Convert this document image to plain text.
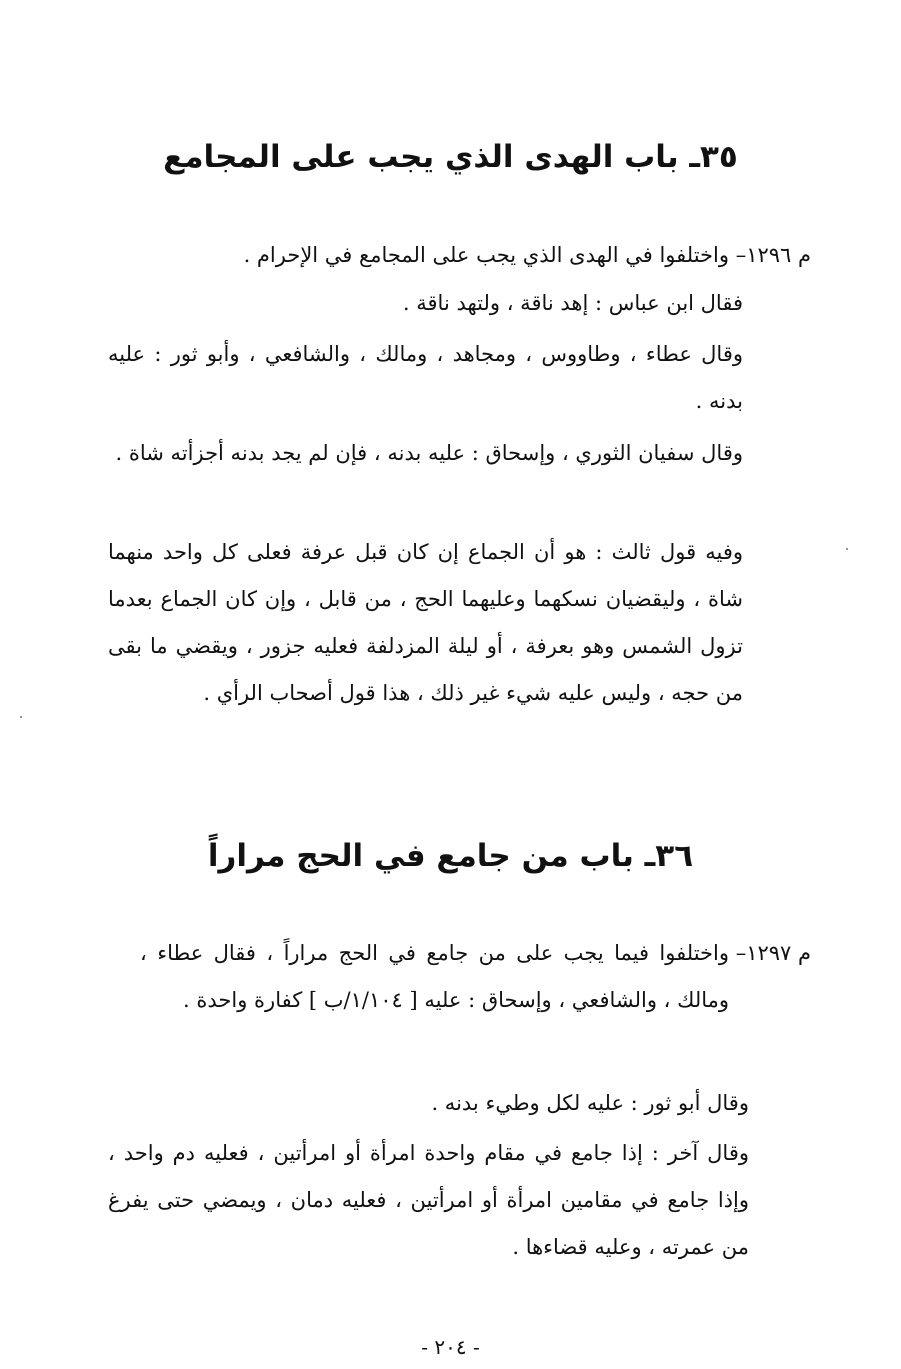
٣٥ـ باب الهدى الذي يجب على المجامع
م ١٢٩٦–

واختلفوا في الهدى الذي يجب على المجامع في الإحرام .

فقال ابن عباس : إهد ناقة ، ولتهد ناقة .

وقال عطاء ، وطاووس ، ومجاهد ، ومالك ، والشافعي ، وأبو ثور : عليه بدنه .

وقال سفيان الثوري ، وإسحاق : عليه بدنه ، فإن لم يجد بدنه أجزأته شاة .

وفيه قول ثالث : هو أن الجماع إن كان قبل عرفة فعلى كل واحد منهما شاة ، وليقضيان نسكهما وعليهما الحج ، من قابل ، وإن كان الجماع بعدما تزول الشمس وهو بعرفة ، أو ليلة المزدلفة فعليه جزور ، ويقضي ما بقى من حجه ، وليس عليه شيء غير ذلك ، هذا قول أصحاب الرأي .

٣٦ـ باب من جامع في الحج مراراً
م ١٢٩٧–

واختلفوا فيما يجب على من جامع في الحج مراراً ، فقال عطاء ، ومالك ، والشافعي ، وإسحاق : عليه [ ١/١٠٤/ب ] كفارة واحدة .

وقال أبو ثور : عليه لكل وطيء بدنه .

وقال آخر : إذا جامع في مقام واحدة امرأة أو امرأتين ، فعليه دم واحد ، وإذا جامع في مقامين امرأة أو امرأتين ، فعليه دمان ، ويمضي حتى يفرغ من عمرته ، وعليه قضاءها .

- ٢٠٤ -
